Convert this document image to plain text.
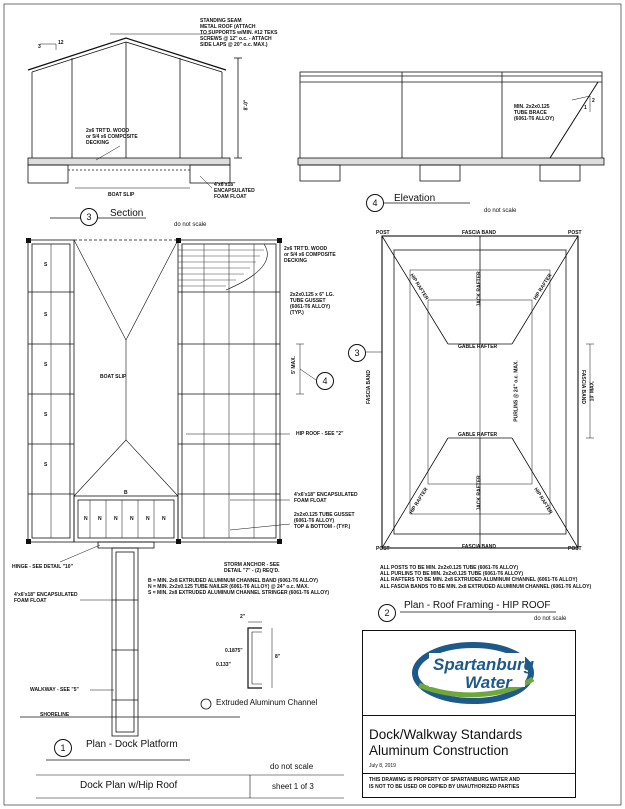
STANDING SEAM
METAL ROOF (ATTACH
TO SUPPORTS w/MIN. #12 TEKS
SCREWS @ 12" o.c. - ATTACH
SIDE LAPS @ 20" o.c. MAX.)
2x6 TRT'D. WOOD
or 5/4 x6 COMPOSITE
DECKING
BOAT SLIP
4'x6'x18"
ENCAPSULATED
FOAM FLOAT
3
12
8'-0"
3	Section
do not scale
MIN. 2x2x0.125
TUBE BRACE
(6061-T6 ALLOY)
1
2
4	Elevation
do not scale
2x6 TRT'D. WOOD
or 5/4 x6 COMPOSITE
DECKING
2x2x0.125 x 6" LG.
TUBE GUSSET
(6061-T6 ALLOY)
(TYP.)
BOAT SLIP
5' MAX.
HIP ROOF - SEE "2"
4'x6'x18" ENCAPSULATED
FOAM FLOAT
2x2x0.125 TUBE GUSSET
(6061-T6 ALLOY)
TOP & BOTTOM - (TYP.)
STORM ANCHOR - SEE
DETAIL "7" - (2) REQ'D.
HINGE - SEE DETAIL "10"
4'x6'x18" ENCAPSULATED
FOAM FLOAT
WALKWAY - SEE "5"
SHORELINE
4
B = MIN. 2x8 EXTRUDED ALUMINUM CHANNEL BAND (6061-T6 ALLOY)
N = MIN. 2x2x0.125 TUBE NAILER (6061-T6 ALLOY) @ 24" o.c. MAX.
S = MIN. 2x8 EXTRUDED ALUMINUM CHANNEL STRINGER (6061-T6 ALLOY)
1	Plan - Dock Platform
2"
0.1875"
0.133"
8"
Extruded Aluminum Channel
FASCIA BAND
FASCIA BAND
FASCIA BAND	FASCIA BAND
POST	POST
POST	POST
HIP RAFTER	HIP RAFTER
HIP RAFTER	HIP RAFTER
JACK RAFTER
JACK RAFTER
GABLE RAFTER
GABLE RAFTER
PURLINS @ 24" o.c. MAX.	10' MAX.
3
ALL POSTS TO BE MIN. 2x2x0.125 TUBE (6061-T6 ALLOY)
ALL PURLINS TO BE MIN. 2x2x0.125 TUBE (6061-T6 ALLOY)
ALL RAFTERS TO BE MIN. 2x8 EXTRUDED ALUMINUM CHANNEL (6061-T6 ALLOY)
ALL FASCIA BANDS TO BE MIN. 2x8 EXTRUDED ALUMINUM CHANNEL (6061-T6 ALLOY)
2
Plan - Roof Framing - HIP ROOF
do not scale
do not scale
Dock Plan w/Hip Roof	sheet 1 of 3
Spartanburg
Water
Dock/Walkway Standards
Aluminum Construction
July 8, 2019
THIS DRAWING IS PROPERTY OF SPARTANBURG WATER AND
IS NOT TO BE USED OR COPIED BY UNAUTHORIZED PARTIES
S
S
S
S
S
B
N N N N N N
